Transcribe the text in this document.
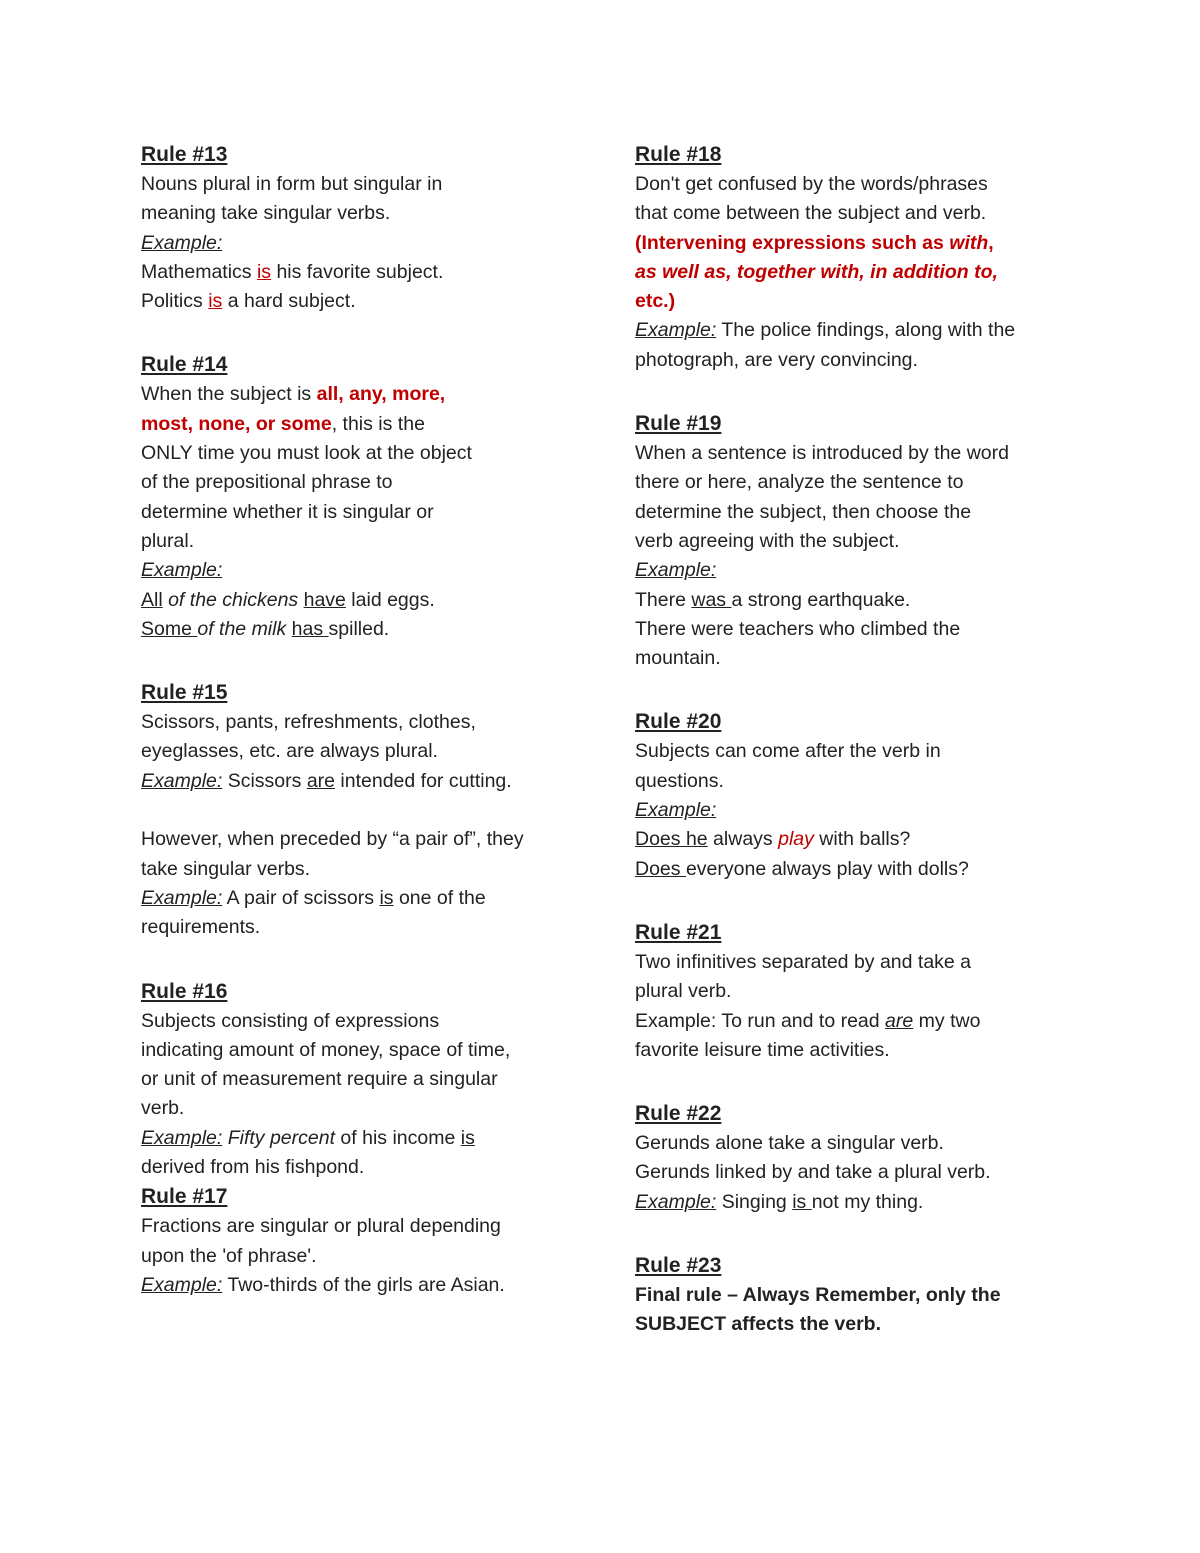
Rule #13

Nouns plural in form but singular in

meaning take singular verbs.

Example:

Mathematics is his favorite subject.

Politics is a hard subject.

Rule #14

When the subject is all, any, more,

most, none, or some, this is the

ONLY time you must look at the object

of the prepositional phrase to

determine whether it is singular or

plural.

Example:

All of the chickens have laid eggs.

Some of the milk has spilled.

Rule #15

Scissors, pants, refreshments, clothes,

eyeglasses, etc. are always plural.

Example: Scissors are intended for cutting.

However, when preceded by “a pair of”, they

take singular verbs.

Example: A pair of scissors is one of the

requirements.

Rule #16

Subjects consisting of expressions

indicating amount of money, space of time,

or unit of measurement require a singular

verb.

Example: Fifty percent of his income is

derived from his fishpond.

Rule #17

Fractions are singular or plural depending

upon the 'of phrase'.

Example: Two-thirds of the girls are Asian.

Rule #18

Don't get confused by the words/phrases

that come between the subject and verb.

(Intervening expressions such as with,

as well as, together with, in addition to,

etc.)

Example: The police findings, along with the

photograph, are very convincing.

Rule #19

When a sentence is introduced by the word

there or here, analyze the sentence to

determine the subject, then choose the

verb agreeing with the subject.

Example:

There was a strong earthquake.

There were teachers who climbed the

mountain.

Rule #20

Subjects can come after the verb in

questions.

Example:

Does he always play with balls?

Does everyone always play with dolls?

Rule #21

Two infinitives separated by and take a

plural verb.

Example: To run and to read are my two

favorite leisure time activities.

Rule #22

Gerunds alone take a singular verb.

Gerunds linked by and take a plural verb.

Example: Singing is not my thing.

Rule #23

Final rule – Always Remember, only the

SUBJECT affects the verb.
